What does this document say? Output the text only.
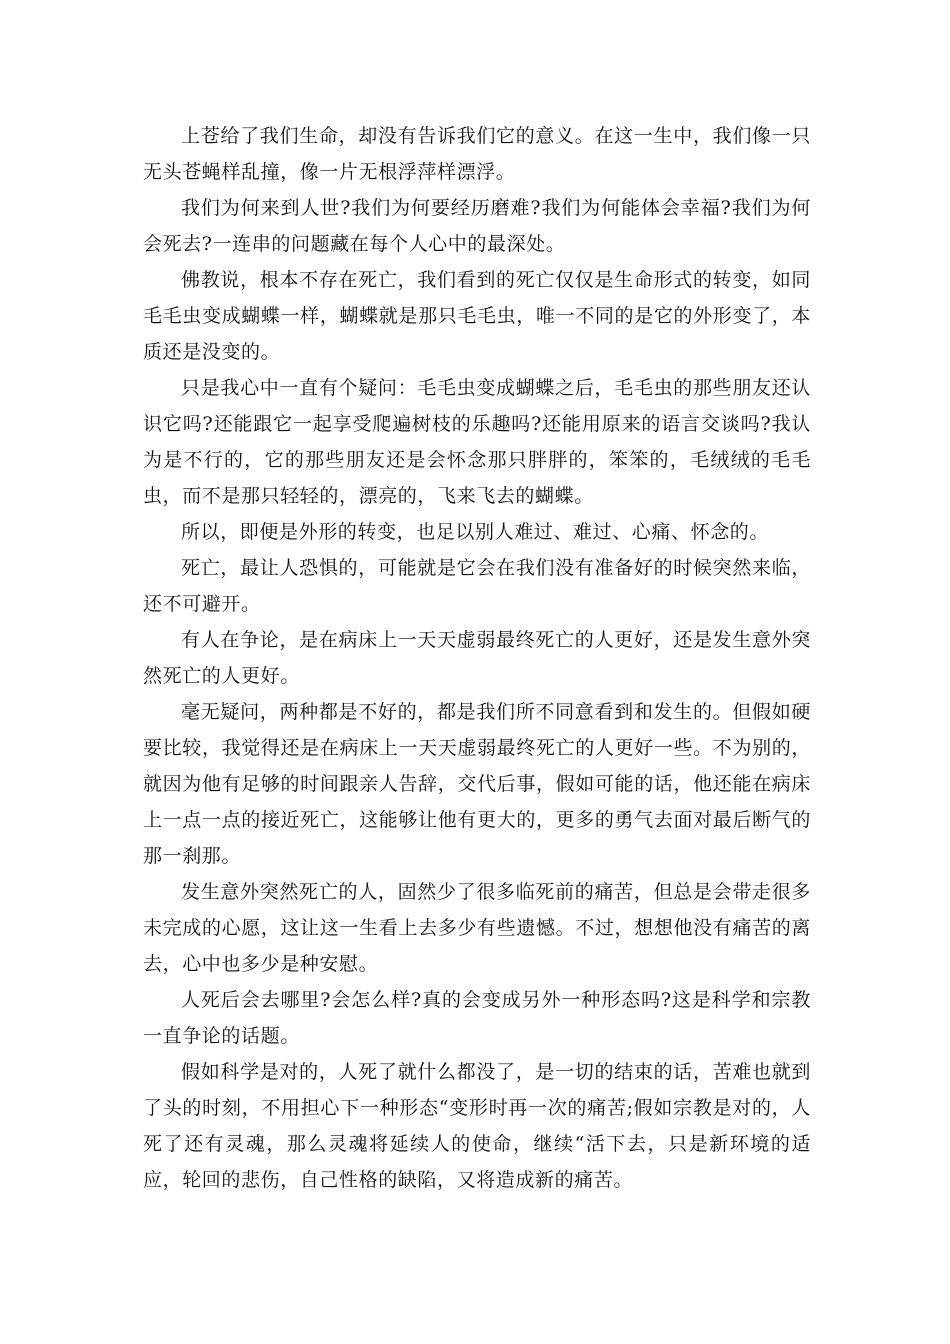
上苍给了我们生命，却没有告诉我们它的意义。在这一生中，我们像一只无头苍蝇样乱撞，像一片无根浮萍样漂浮。

我们为何来到人世?我们为何要经历磨难?我们为何能体会幸福?我们为何会死去?一连串的问题藏在每个人心中的最深处。

佛教说，根本不存在死亡，我们看到的死亡仅仅是生命形式的转变，如同毛毛虫变成蝴蝶一样，蝴蝶就是那只毛毛虫，唯一不同的是它的外形变了，本质还是没变的。

只是我心中一直有个疑问：毛毛虫变成蝴蝶之后，毛毛虫的那些朋友还认识它吗?还能跟它一起享受爬遍树枝的乐趣吗?还能用原来的语言交谈吗?我认为是不行的，它的那些朋友还是会怀念那只胖胖的，笨笨的，毛绒绒的毛毛虫，而不是那只轻轻的，漂亮的，飞来飞去的蝴蝶。

所以，即便是外形的转变，也足以别人难过、难过、心痛、怀念的。

死亡，最让人恐惧的，可能就是它会在我们没有准备好的时候突然来临，还不可避开。

有人在争论，是在病床上一天天虚弱最终死亡的人更好，还是发生意外突然死亡的人更好。

毫无疑问，两种都是不好的，都是我们所不同意看到和发生的。但假如硬要比较，我觉得还是在病床上一天天虚弱最终死亡的人更好一些。不为别的，就因为他有足够的时间跟亲人告辞，交代后事，假如可能的话，他还能在病床上一点一点的接近死亡，这能够让他有更大的，更多的勇气去面对最后断气的那一刹那。

发生意外突然死亡的人，固然少了很多临死前的痛苦，但总是会带走很多未完成的心愿，这让这一生看上去多少有些遗憾。不过，想想他没有痛苦的离去，心中也多少是种安慰。

人死后会去哪里?会怎么样?真的会变成另外一种形态吗?这是科学和宗教一直争论的话题。

假如科学是对的，人死了就什么都没了，是一切的结束的话，苦难也就到了头的时刻，不用担心下一种形态“变形时再一次的痛苦;假如宗教是对的，人死了还有灵魂，那么灵魂将延续人的使命，继续“活下去，只是新环境的适应，轮回的悲伤，自己性格的缺陷，又将造成新的痛苦。
